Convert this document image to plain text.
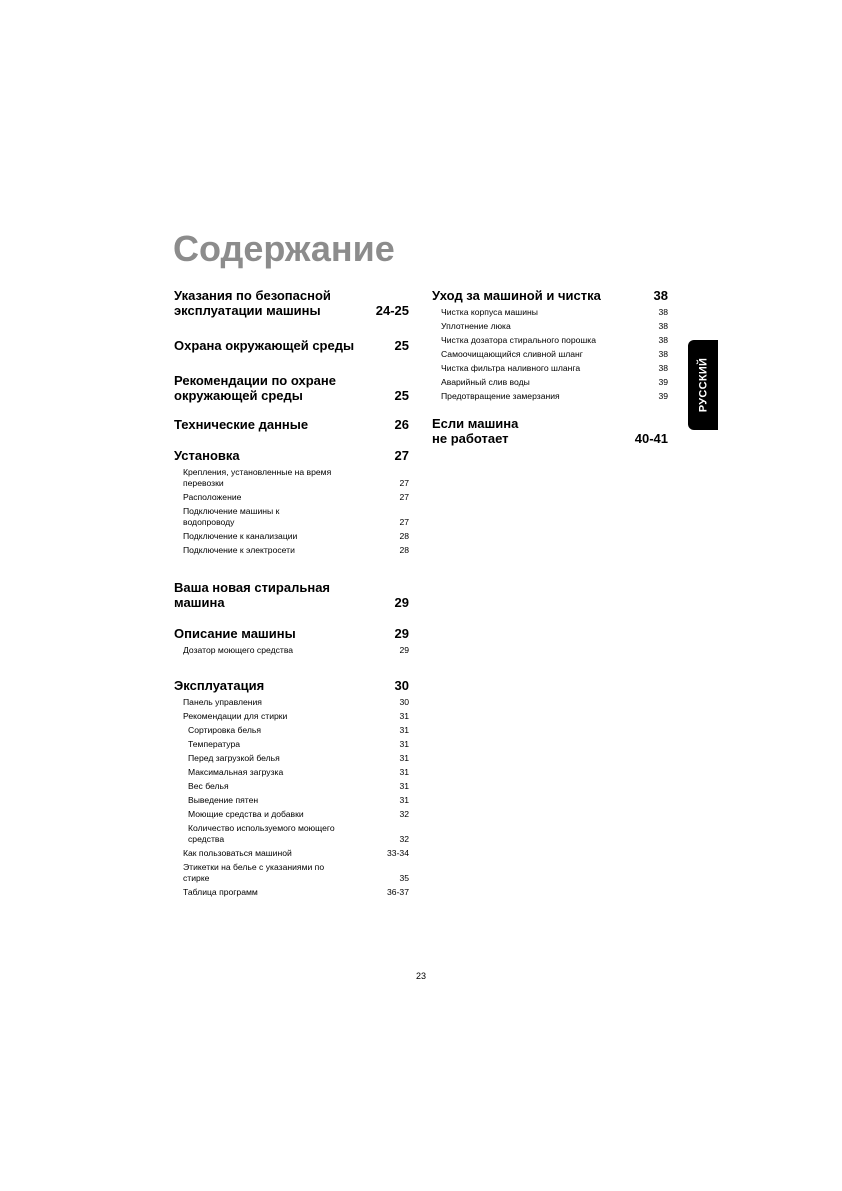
Содержание
Указания по безопасной эксплуатации машины	24-25
Охрана окружающей среды	25
Рекомендации по охране окружающей среды	25
Технические данные	26
Установка	27
Крепления, установленные на время перевозки	27
Расположение	27
Подключение машины к водопроводу	27
Подключение к канализации	28
Подключение к электросети	28
Ваша новая стиральная машина	29
Описание машины	29
Дозатор моющего средства	29
Эксплуатация	30
Панель управления	30
Рекомендации для стирки	31
Сортировка белья	31
Температура	31
Перед загрузкой белья	31
Максимальная загрузка	31
Вес белья	31
Выведение пятен	31
Моющие средства и добавки	32
Количество используемого моющего средства	32
Как пользоваться машиной	33-34
Этикетки на белье с указаниями по стирке	35
Таблица программ	36-37
Уход за машиной и чистка	38
Чистка корпуса машины	38
Уплотнение люка	38
Чистка дозатора стирального порошка	38
Самоочищающийся сливной шланг	38
Чистка фильтра наливного шланга	38
Аварийный слив воды	39
Предотвращение замерзания	39
Если машина не работает	40-41
РУССКИЙ
23
